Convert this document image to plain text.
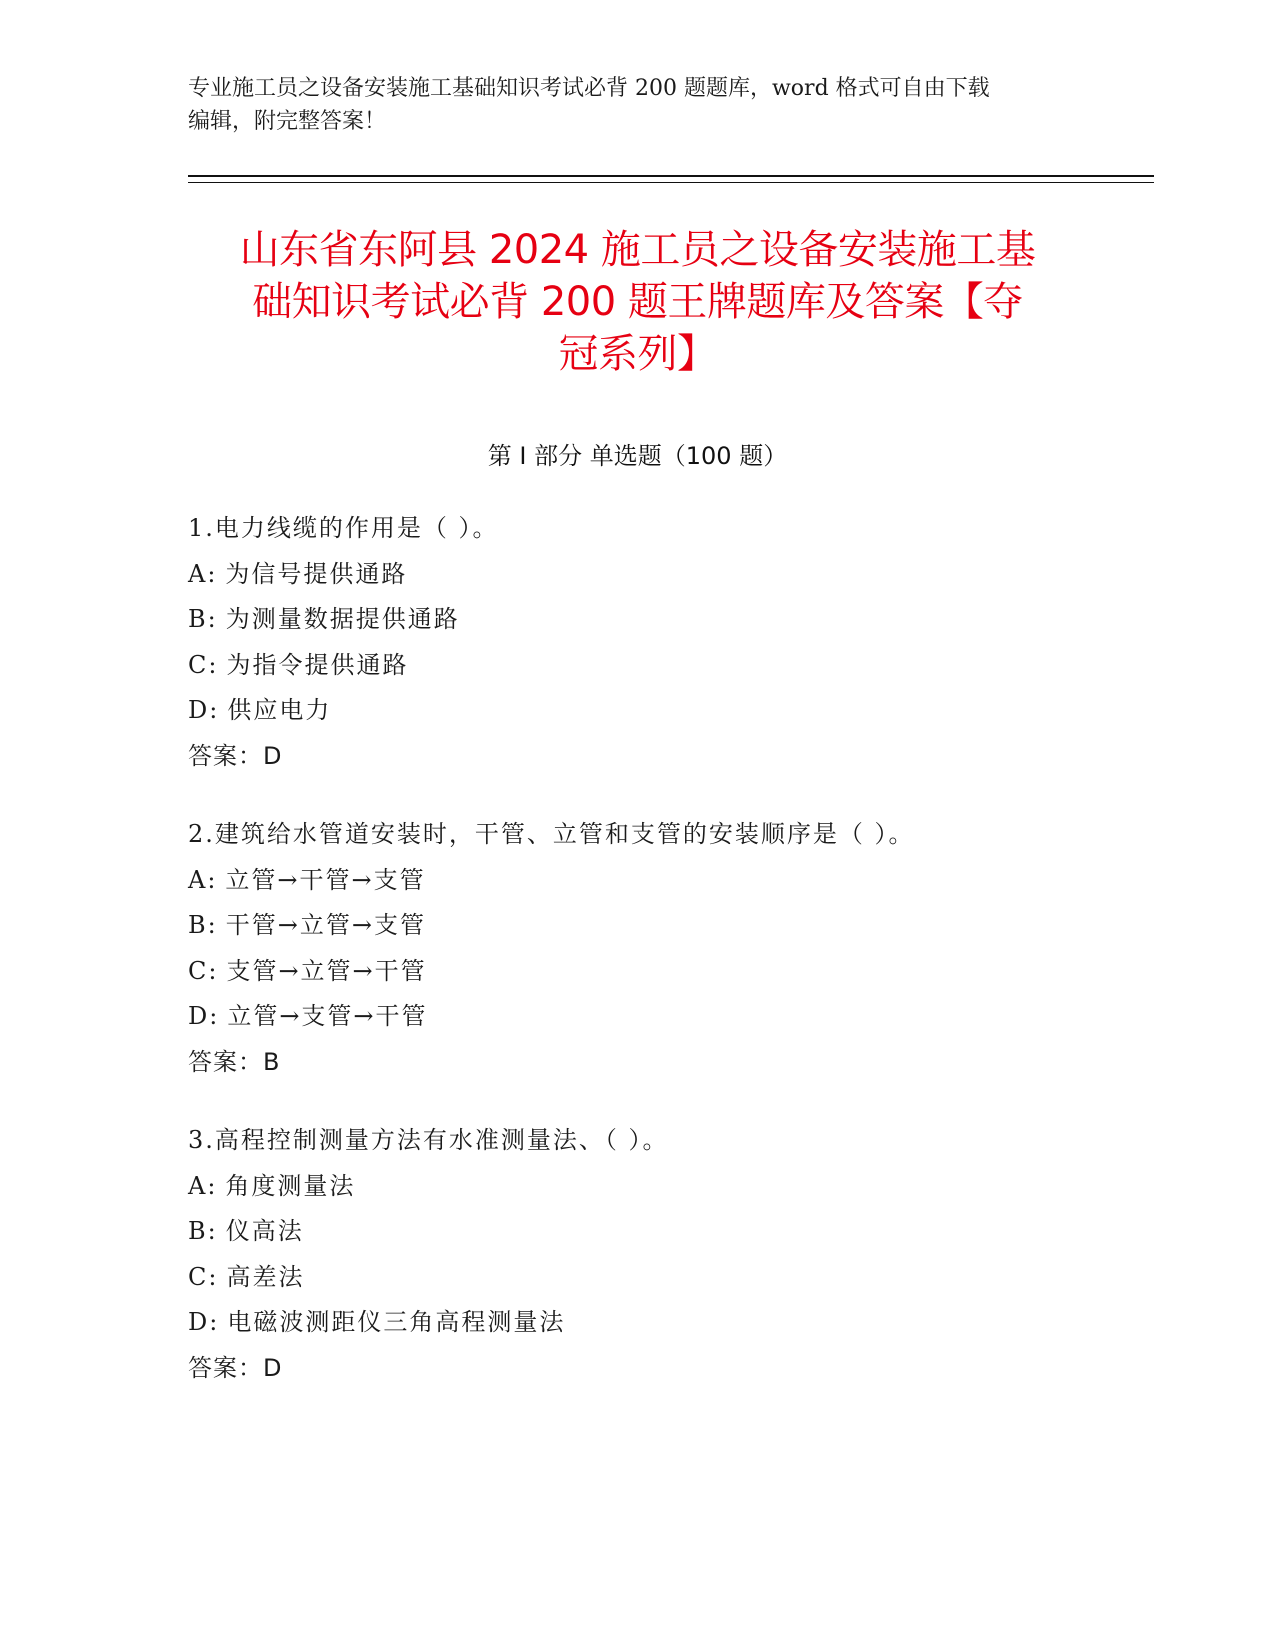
专业施工员之设备安装施工基础知识考试必背 200 题题库，word 格式可自由下载
编辑，附完整答案！
山东省东阿县 2024 施工员之设备安装施工基
础知识考试必背 200 题王牌题库及答案【夺
冠系列】
第 I 部分 单选题（100 题）
1.电力线缆的作用是（ ）。
A: 为信号提供通路
B: 为测量数据提供通路
C: 为指令提供通路
D: 供应电力
答案：D
2.建筑给水管道安装时，干管、立管和支管的安装顺序是（ ）。
A: 立管→干管→支管
B: 干管→立管→支管
C: 支管→立管→干管
D: 立管→支管→干管
答案：B
3.高程控制测量方法有水准测量法、（ ）。
A: 角度测量法
B: 仪高法
C: 高差法
D: 电磁波测距仪三角高程测量法
答案：D
